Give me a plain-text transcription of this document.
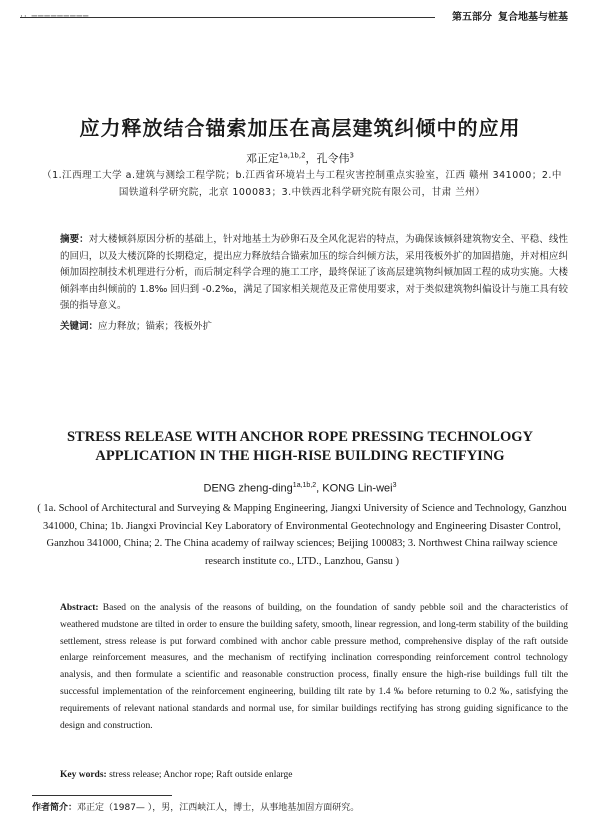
·· ─────────	第五部分 复合地基与桩基
应力释放结合锚索加压在高层建筑纠倾中的应用
邓正定$^{1a,1b,2}$，孔令伟$^3$
（1.江西理工大学 a.建筑与测绘工程学院；b.江西省环境岩土与工程灾害控制重点实验室，江西 赣州 341000；2.中国铁道科学研究院，北京 100083；3.中铁西北科学研究院有限公司，甘肃 兰州）
摘要：对大楼倾斜原因分析的基础上，针对地基土为砂卵石及全风化泥岩的特点，为确保该倾斜建筑物安全、平稳、线性的回归，以及大楼沉降的长期稳定，提出应力释放结合锚索加压的综合纠倾方法，采用筏板外扩的加固措施，并对相应纠倾加固控制技术机理进行分析，而后制定科学合理的施工工序，最终保证了该高层建筑物纠倾加固工程的成功实施。大楼倾斜率由纠倾前的 1.8‰ 回归到 -0.2‰，满足了国家相关规范及正常使用要求，对于类似建筑物纠偏设计与施工具有较强的指导意义。
关键词：应力释放；锚索；筏板外扩
STRESS RELEASE WITH ANCHOR ROPE PRESSING TECHNOLOGY
APPLICATION IN THE HIGH-RISE BUILDING RECTIFYING
DENG zheng-ding$^{1a,1b,2}$, KONG Lin-wei$^3$
( 1a. School of Architectural and Surveying & Mapping Engineering, Jiangxi University of Science and Technology, Ganzhou 341000, China; 1b. Jiangxi Provincial Key Laboratory of Environmental Geotechnology and Engineering Disaster Control, Ganzhou 341000, China; 2. The China academy of railway sciences; Beijing 100083; 3. Northwest China railway science research institute co., LTD., Lanzhou, Gansu )
Abstract: Based on the analysis of the reasons of building, on the foundation of sandy pebble soil and the characteristics of weathered mudstone are tilted in order to ensure the building safety, smooth, linear regression, and long-term stability of the building settlement, stress release is put forward combined with anchor cable pressure method, comprehensive display of the raft outside enlarge reinforcement measures, and the mechanism of rectifying inclination corresponding reinforcement control technology analysis, and then formulate a scientific and reasonable construction process, finally ensure the high-rise buildings full tilt the successful implementation of the reinforcement engineering, building tilt rate by 1.4 ‰ before returning to 0.2 ‰, satisfying the requirements of relevant national standards and normal use, for similar buildings rectifying has strong guiding significance to the design and construction.
Key words: stress release; Anchor rope; Raft outside enlarge
作者简介：邓正定（1987— ），男，江西峡江人，博士，从事地基加固方面研究。
